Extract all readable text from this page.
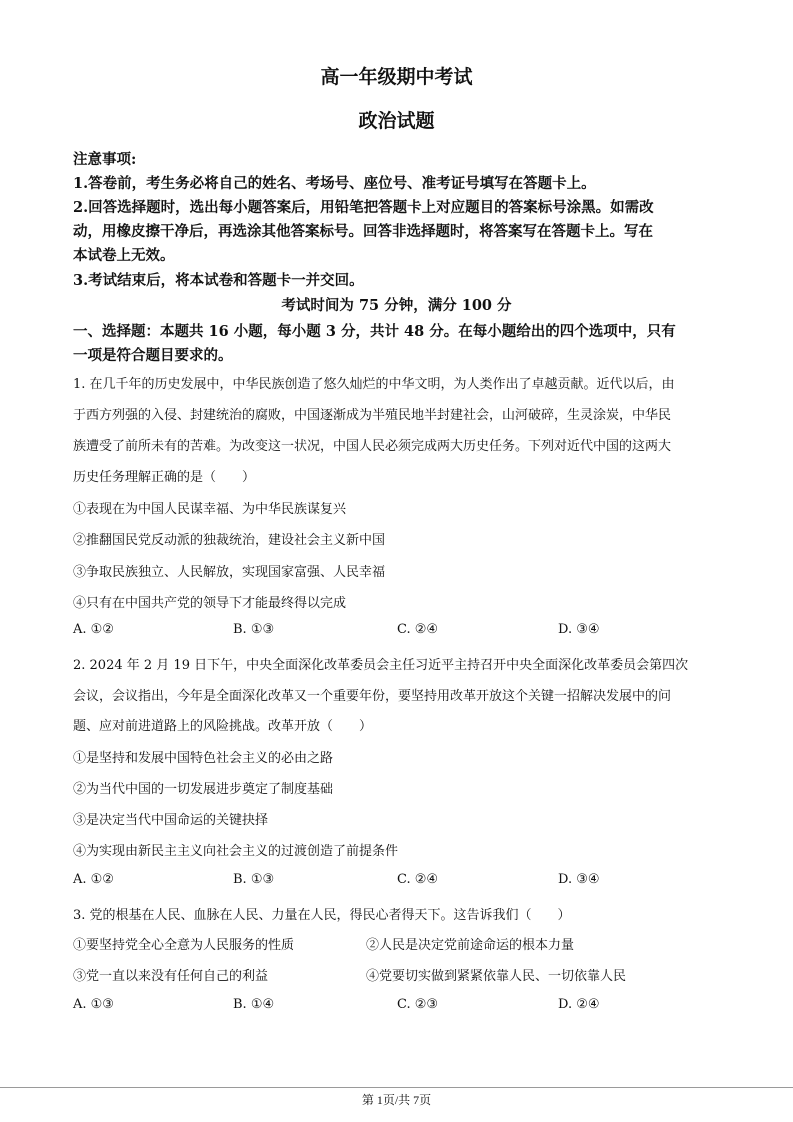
高一年级期中考试
政治试题
注意事项:
1.答卷前，考生务必将自己的姓名、考场号、座位号、准考证号填写在答题卡上。
2.回答选择题时，选出每小题答案后，用铅笔把答题卡上对应题目的答案标号涂黑。如需改
动，用橡皮擦干净后，再选涂其他答案标号。回答非选择题时，将答案写在答题卡上。写在
本试卷上无效。
3.考试结束后，将本试卷和答题卡一并交回。
考试时间为 75 分钟，满分 100 分
一、选择题：本题共 16 小题，每小题 3 分，共计 48 分。在每小题给出的四个选项中，只有
一项是符合题目要求的。
1. 在几千年的历史发展中，中华民族创造了悠久灿烂的中华文明，为人类作出了卓越贡献。近代以后，由
于西方列强的入侵、封建统治的腐败，中国逐渐成为半殖民地半封建社会，山河破碎，生灵涂炭，中华民
族遭受了前所未有的苦难。为改变这一状况，中国人民必须完成两大历史任务。下列对近代中国的这两大
历史任务理解正确的是（　　）
①表现在为中国人民谋幸福、为中华民族谋复兴
②推翻国民党反动派的独裁统治，建设社会主义新中国
③争取民族独立、人民解放，实现国家富强、人民幸福
④只有在中国共产党的领导下才能最终得以完成
A. ①②	B. ①③	C. ②④	D. ③④
2. 2024 年 2 月 19 日下午，中央全面深化改革委员会主任习近平主持召开中央全面深化改革委员会第四次
会议，会议指出，今年是全面深化改革又一个重要年份，要坚持用改革开放这个关键一招解决发展中的问
题、应对前进道路上的风险挑战。改革开放（　　）
①是坚持和发展中国特色社会主义的必由之路
②为当代中国的一切发展进步奠定了制度基础
③是决定当代中国命运的关键抉择
④为实现由新民主主义向社会主义的过渡创造了前提条件
A. ①②	B. ①③	C. ②④	D. ③④
3. 党的根基在人民、血脉在人民、力量在人民，得民心者得天下。这告诉我们（　　）
①要坚持党全心全意为人民服务的性质	②人民是决定党前途命运的根本力量
③党一直以来没有任何自己的利益	④党要切实做到紧紧依靠人民、一切依靠人民
A. ①③	B. ①④	C. ②③	D. ②④
第 1页/共 7页
